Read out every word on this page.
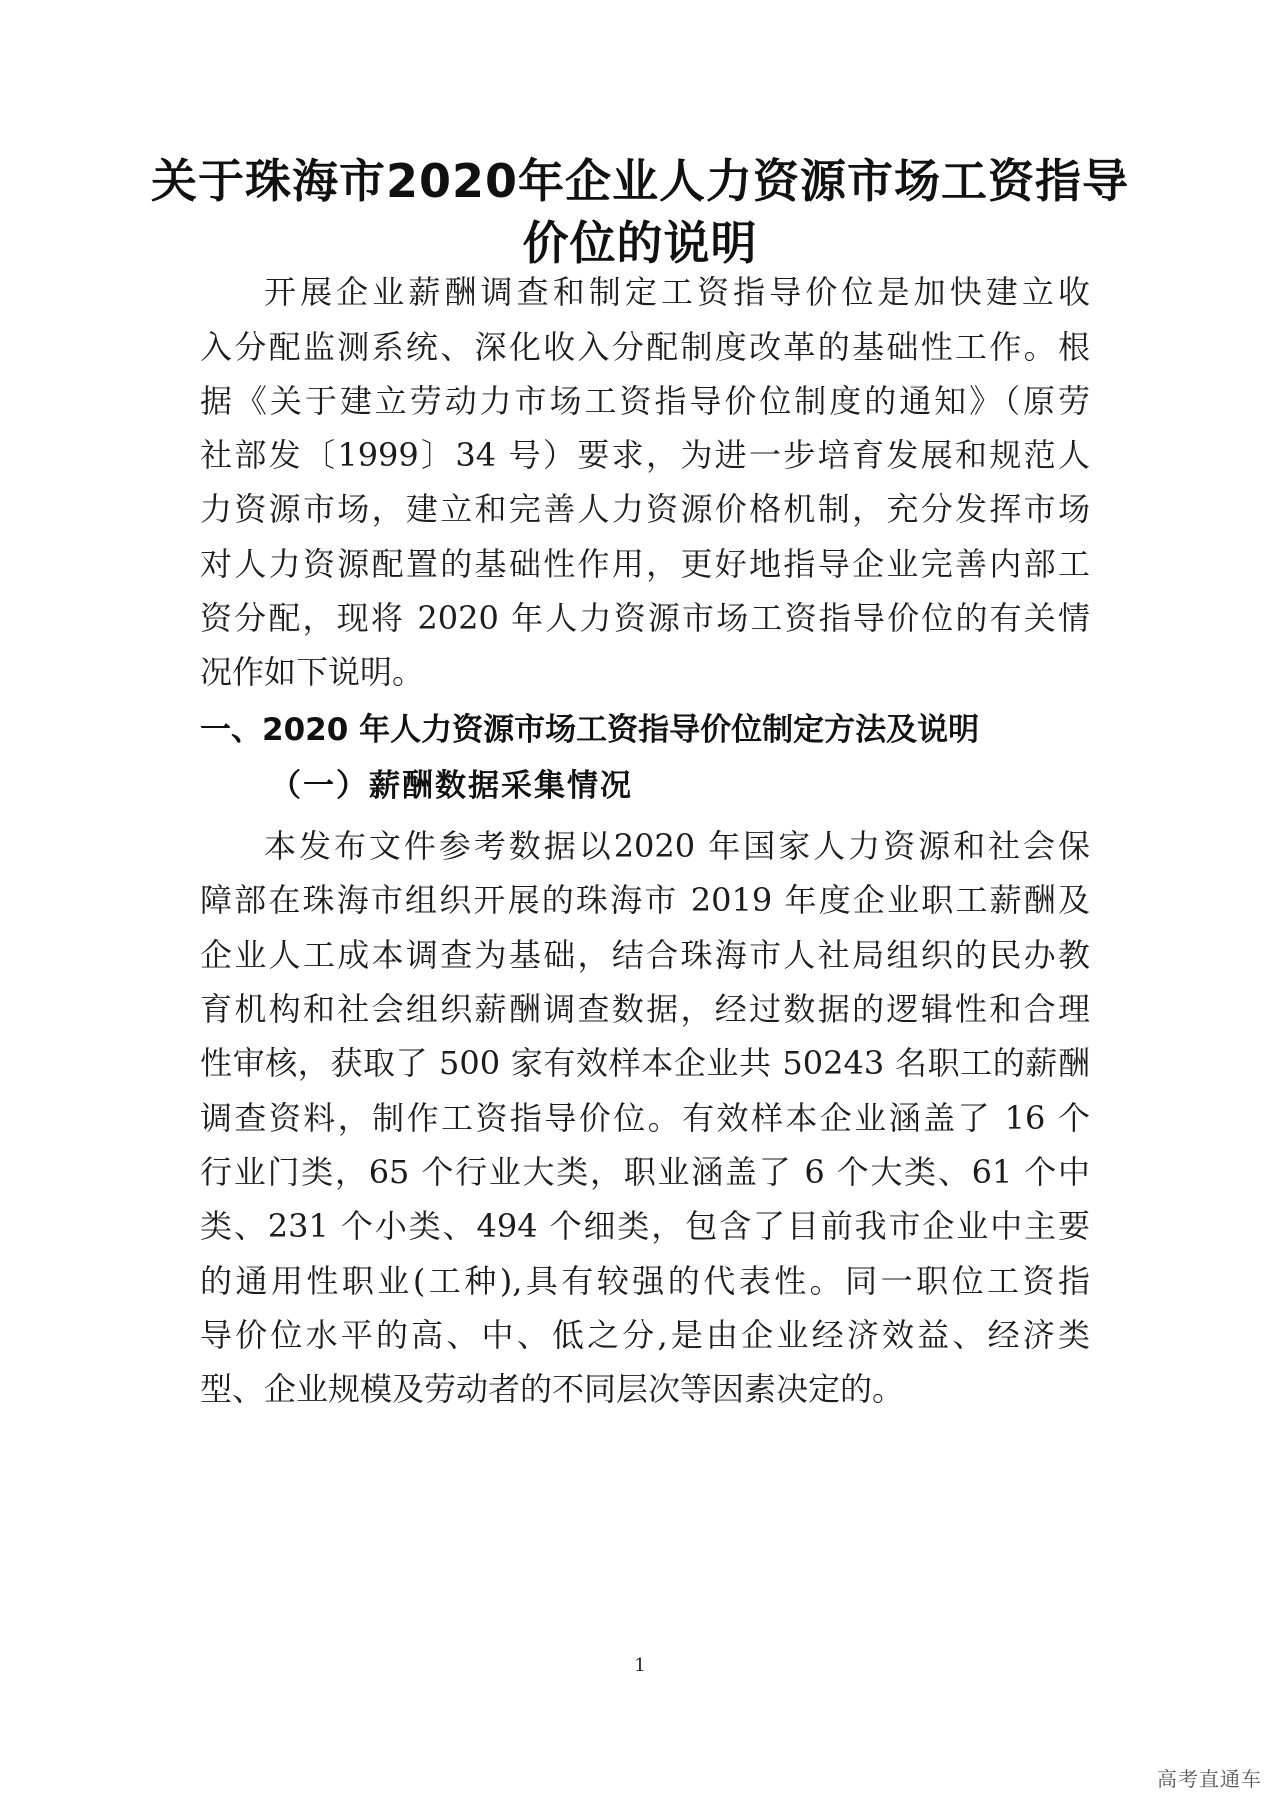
关于珠海市2020年企业人力资源市场工资指导
价位的说明
开展企业薪酬调查和制定工资指导价位是加快建立收
入分配监测系统、深化收入分配制度改革的基础性工作。根
据《关于建立劳动力市场工资指导价位制度的通知》（原劳
社部发〔1999〕34 号）要求，为进一步培育发展和规范人
力资源市场，建立和完善人力资源价格机制，充分发挥市场
对人力资源配置的基础性作用，更好地指导企业完善内部工
资分配，现将 2020 年人力资源市场工资指导价位的有关情
况作如下说明。
一、2020 年人力资源市场工资指导价位制定方法及说明
（一）薪酬数据采集情况
本发布文件参考数据以2020 年国家人力资源和社会保
障部在珠海市组织开展的珠海市 2019 年度企业职工薪酬及
企业人工成本调查为基础，结合珠海市人社局组织的民办教
育机构和社会组织薪酬调查数据，经过数据的逻辑性和合理
性审核，获取了 500 家有效样本企业共 50243 名职工的薪酬
调查资料，制作工资指导价位。有效样本企业涵盖了 16 个
行业门类，65 个行业大类，职业涵盖了 6 个大类、61 个中
类、231 个小类、494 个细类，包含了目前我市企业中主要
的通用性职业(工种),具有较强的代表性。同一职位工资指
导价位水平的高、中、低之分,是由企业经济效益、经济类
型、企业规模及劳动者的不同层次等因素决定的。
1
高考直通车
